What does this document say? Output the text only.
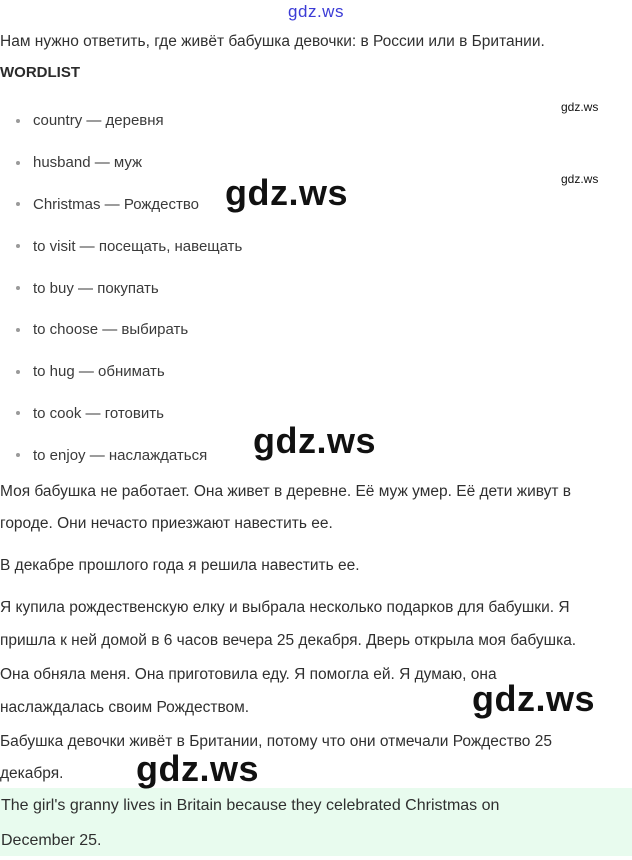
gdz.ws
Нам нужно ответить, где живёт бабушка девочки: в России или в Британии.
WORDLIST
country — деревня
husband — муж
Christmas — Рождество
to visit — посещать, навещать
to buy — покупать
to choose — выбирать
to hug — обнимать
to cook — готовить
to enjoy — наслаждаться
Моя бабушка не работает. Она живет в деревне. Её муж умер. Её дети живут в
городе. Они нечасто приезжают навестить ее.
В декабре прошлого года я решила навестить ее.
Я купила рождественскую елку и выбрала несколько подарков для бабушки. Я
пришла к ней домой в 6 часов вечера 25 декабря. Дверь открыла моя бабушка.
Она обняла меня. Она приготовила еду. Я помогла ей. Я думаю, она
наслаждалась своим Рождеством.
Бабушка девочки живёт в Британии, потому что они отмечали Рождество 25
декабря.
The girl's granny lives in Britain because they celebrated Christmas on
December 25.
gdz.ws
gdz.ws
gdz.ws
gdz.ws
gdz.ws
gdz.ws
